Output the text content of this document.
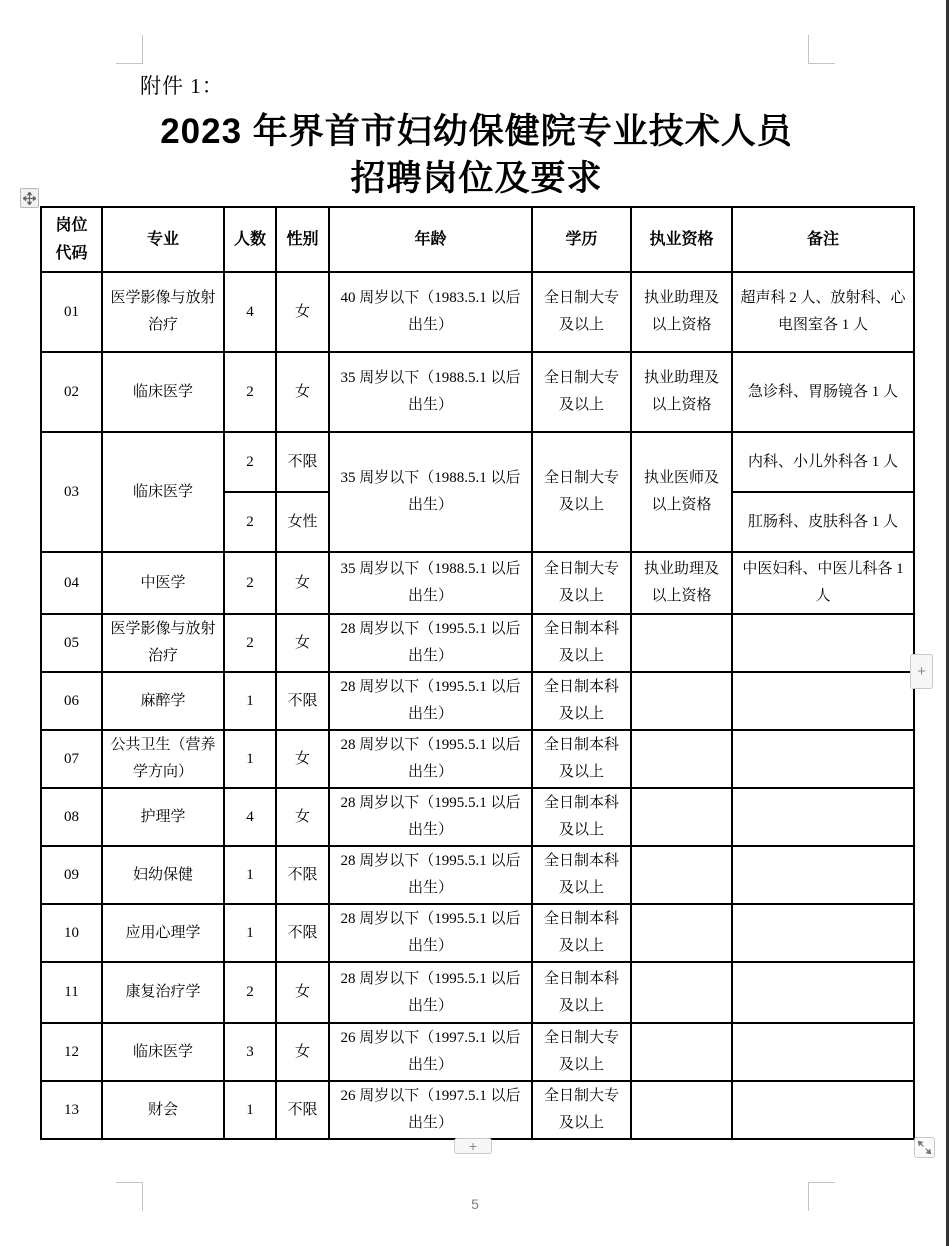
附件 1：
2023 年界首市妇幼保健院专业技术人员
招聘岗位及要求
岗位代码	专业	人数	性别	年龄	学历	执业资格	备注
01	医学影像与放射治疗	4	女	40 周岁以下（1983.5.1 以后出生）	全日制大专及以上	执业助理及以上资格	超声科 2 人、放射科、心电图室各 1 人
02	临床医学	2	女	35 周岁以下（1988.5.1 以后出生）	全日制大专及以上	执业助理及以上资格	急诊科、胃肠镜各 1 人
03	临床医学	2	不限	35 周岁以下（1988.5.1 以后出生）	全日制大专及以上	执业医师及以上资格	内科、小儿外科各 1 人
		2	女性				肛肠科、皮肤科各 1 人
04	中医学	2	女	35 周岁以下（1988.5.1 以后出生）	全日制大专及以上	执业助理及以上资格	中医妇科、中医儿科各 1 人
05	医学影像与放射治疗	2	女	28 周岁以下（1995.5.1 以后出生）	全日制本科及以上		
06	麻醉学	1	不限	28 周岁以下（1995.5.1 以后出生）	全日制本科及以上		
07	公共卫生（营养学方向）	1	女	28 周岁以下（1995.5.1 以后出生）	全日制本科及以上		
08	护理学	4	女	28 周岁以下（1995.5.1 以后出生）	全日制本科及以上		
09	妇幼保健	1	不限	28 周岁以下（1995.5.1 以后出生）	全日制本科及以上		
10	应用心理学	1	不限	28 周岁以下（1995.5.1 以后出生）	全日制本科及以上		
11	康复治疗学	2	女	28 周岁以下（1995.5.1 以后出生）	全日制本科及以上		
12	临床医学	3	女	26 周岁以下（1997.5.1 以后出生）	全日制大专及以上		
13	财会	1	不限	26 周岁以下（1997.5.1 以后出生）	全日制大专及以上		
+
+
5
